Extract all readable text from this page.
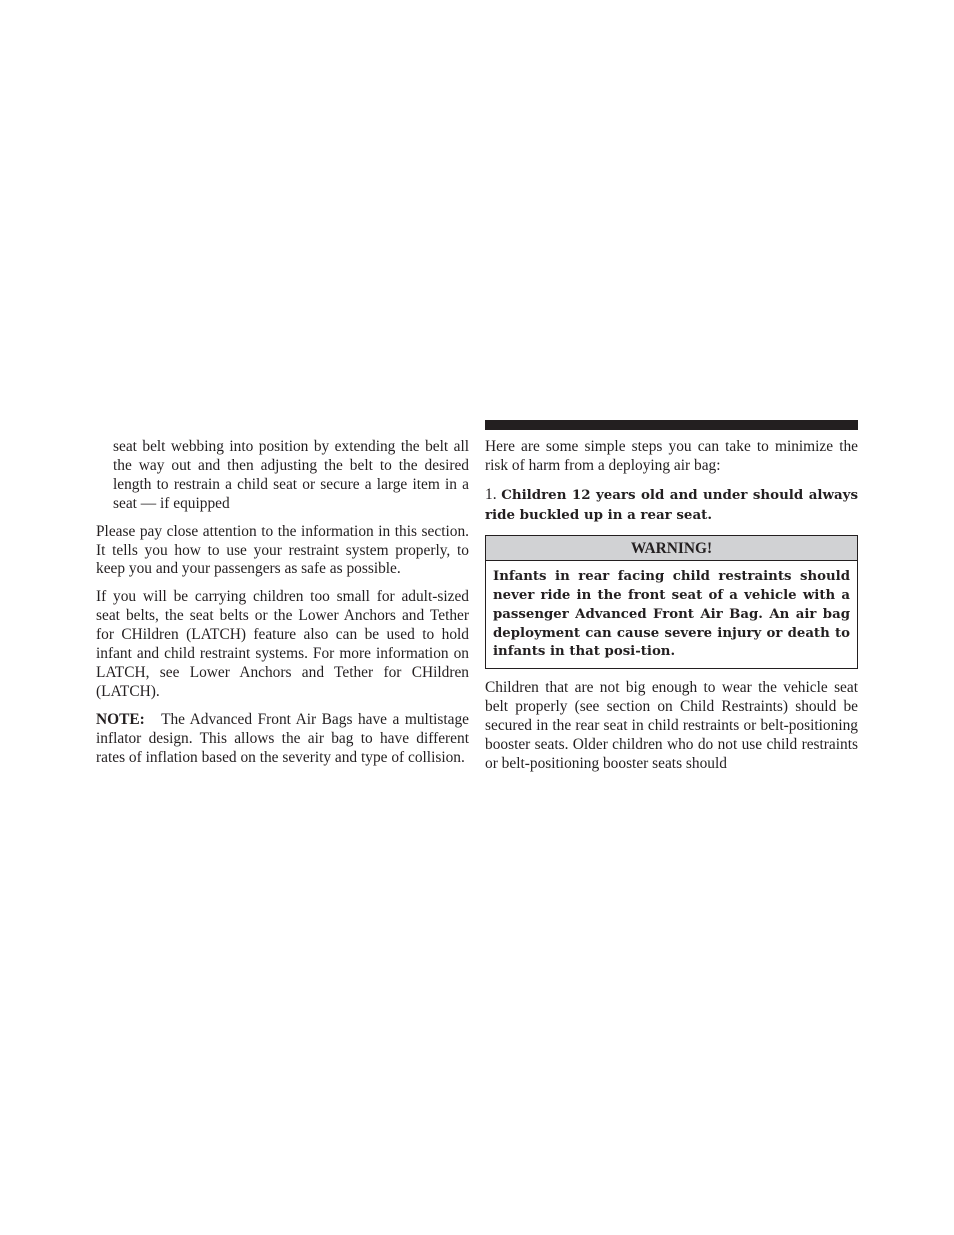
seat belt webbing into position by extending the belt all the way out and then adjusting the belt to the desired length to restrain a child seat or secure a large item in a seat — if equipped

Please pay close attention to the information in this section. It tells you how to use your restraint system properly, to keep you and your passengers as safe as possible.

If you will be carrying children too small for adult-sized seat belts, the seat belts or the Lower Anchors and Tether for CHildren (LATCH) feature also can be used to hold infant and child restraint systems. For more information on LATCH, see Lower Anchors and Tether for CHildren (LATCH).

NOTE: The Advanced Front Air Bags have a multistage inflator design. This allows the air bag to have different rates of inflation based on the severity and type of collision.

Here are some simple steps you can take to minimize the risk of harm from a deploying air bag:

1. Children 12 years old and under should always ride buckled up in a rear seat.

WARNING!
Infants in rear facing child restraints should never ride in the front seat of a vehicle with a passenger Advanced Front Air Bag. An air bag deployment can cause severe injury or death to infants in that posi-tion.

Children that are not big enough to wear the vehicle seat belt properly (see section on Child Restraints) should be secured in the rear seat in child restraints or belt-positioning booster seats. Older children who do not use child restraints or belt-positioning booster seats should
